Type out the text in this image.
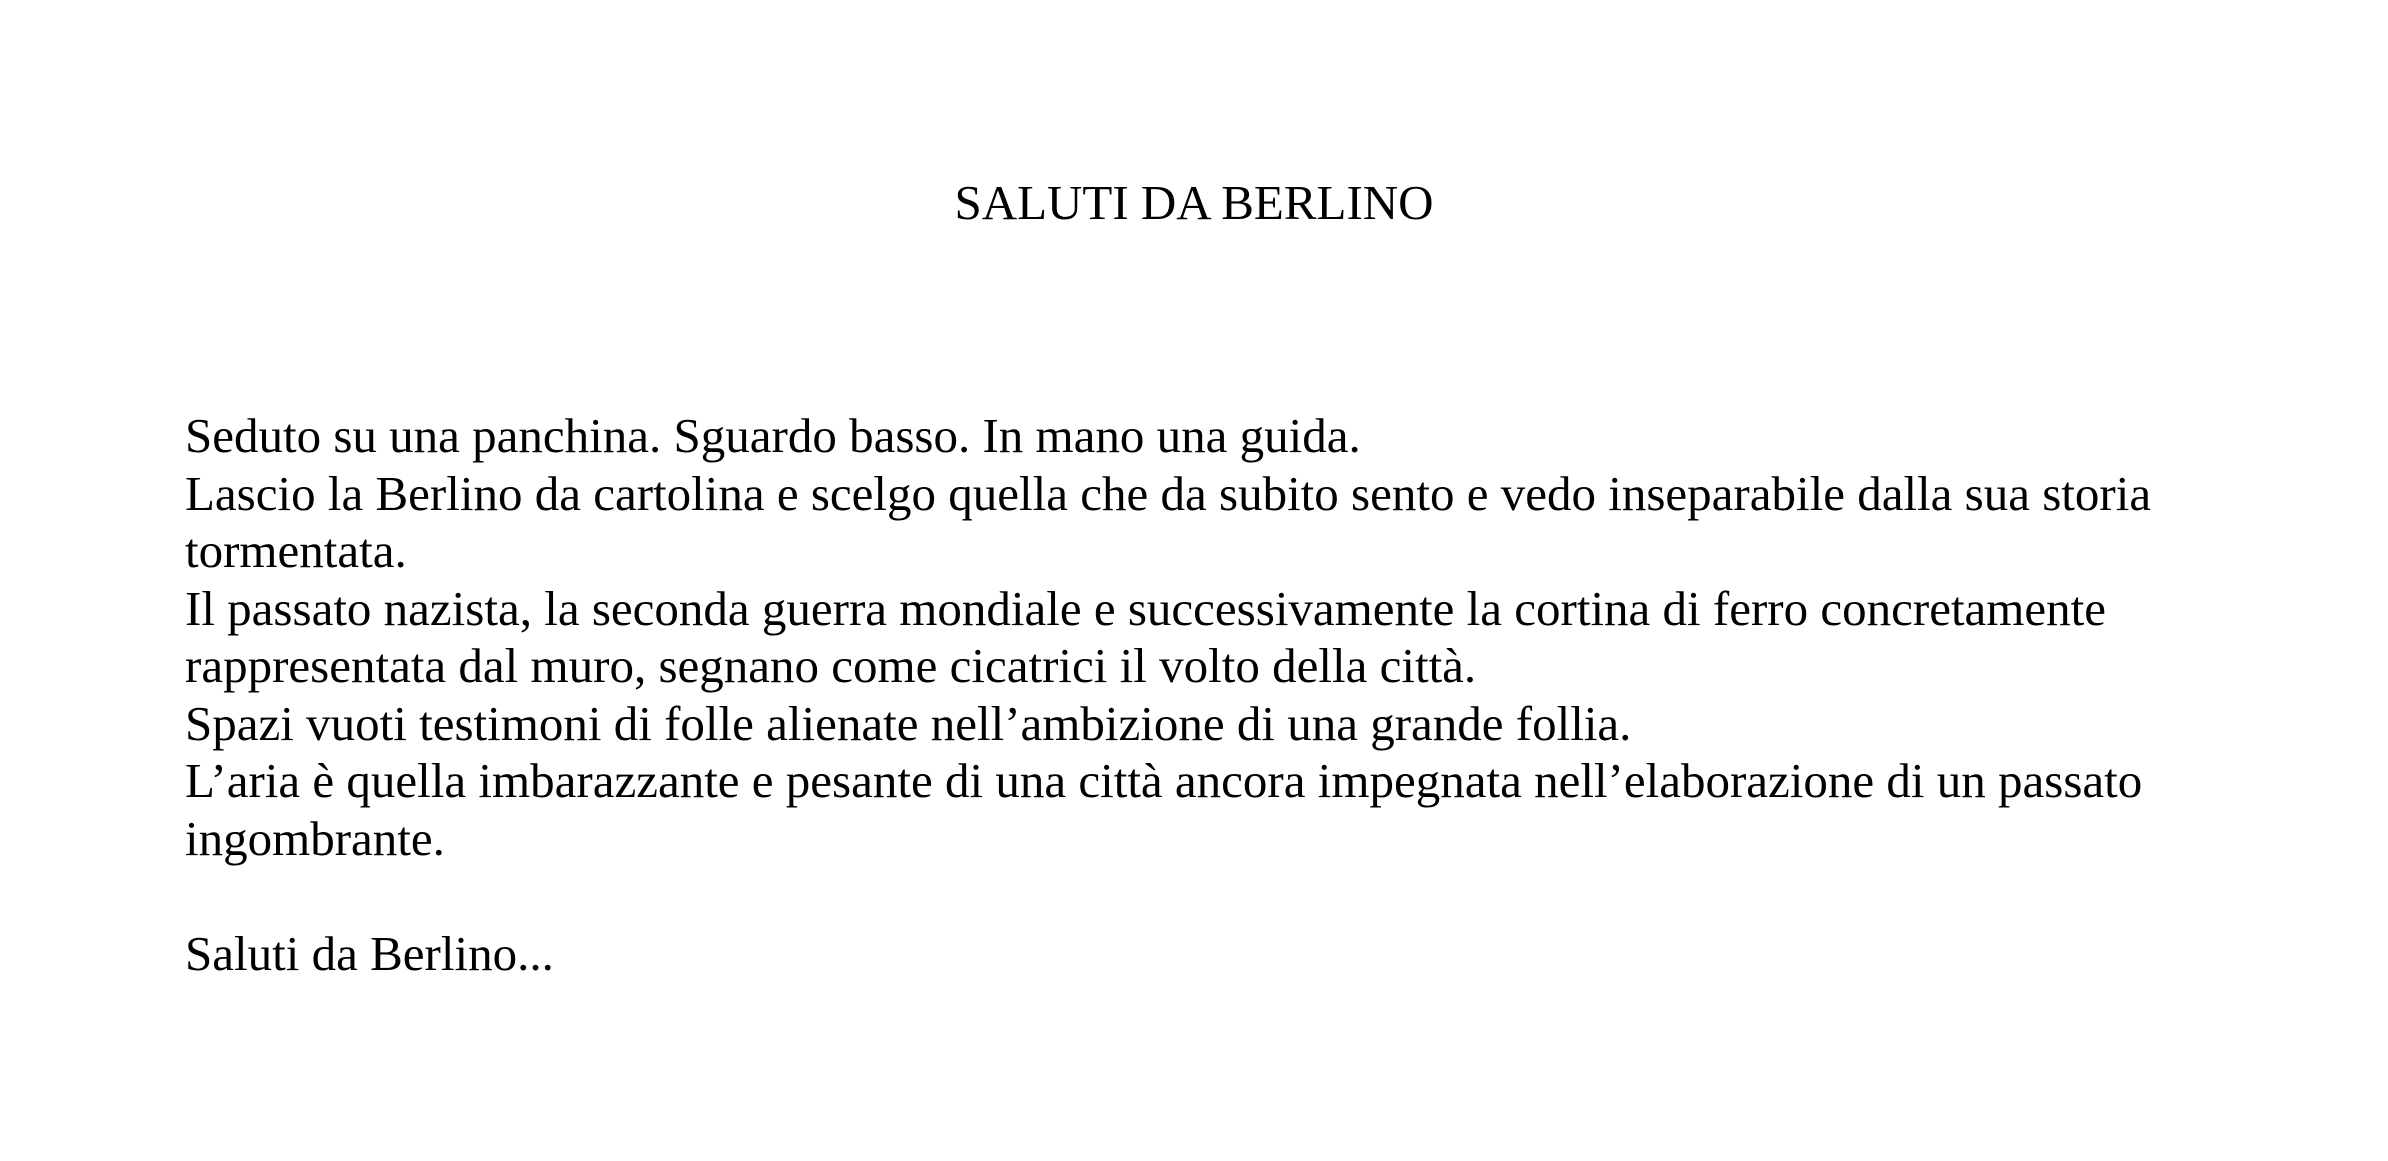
SALUTI DA BERLINO
Seduto su una panchina. Sguardo basso. In mano una guida.
Lascio la Berlino da cartolina e scelgo quella che da subito sento e vedo inseparabile dalla sua storia
tormentata.
Il passato nazista, la seconda guerra mondiale e successivamente la cortina di ferro concretamente
rappresentata dal muro, segnano come cicatrici il volto della città.
Spazi vuoti testimoni di folle alienate nell’ambizione di una grande follia.
L’aria è quella imbarazzante e pesante di una città ancora impegnata nell’elaborazione di un passato
ingombrante.
Saluti da Berlino...
